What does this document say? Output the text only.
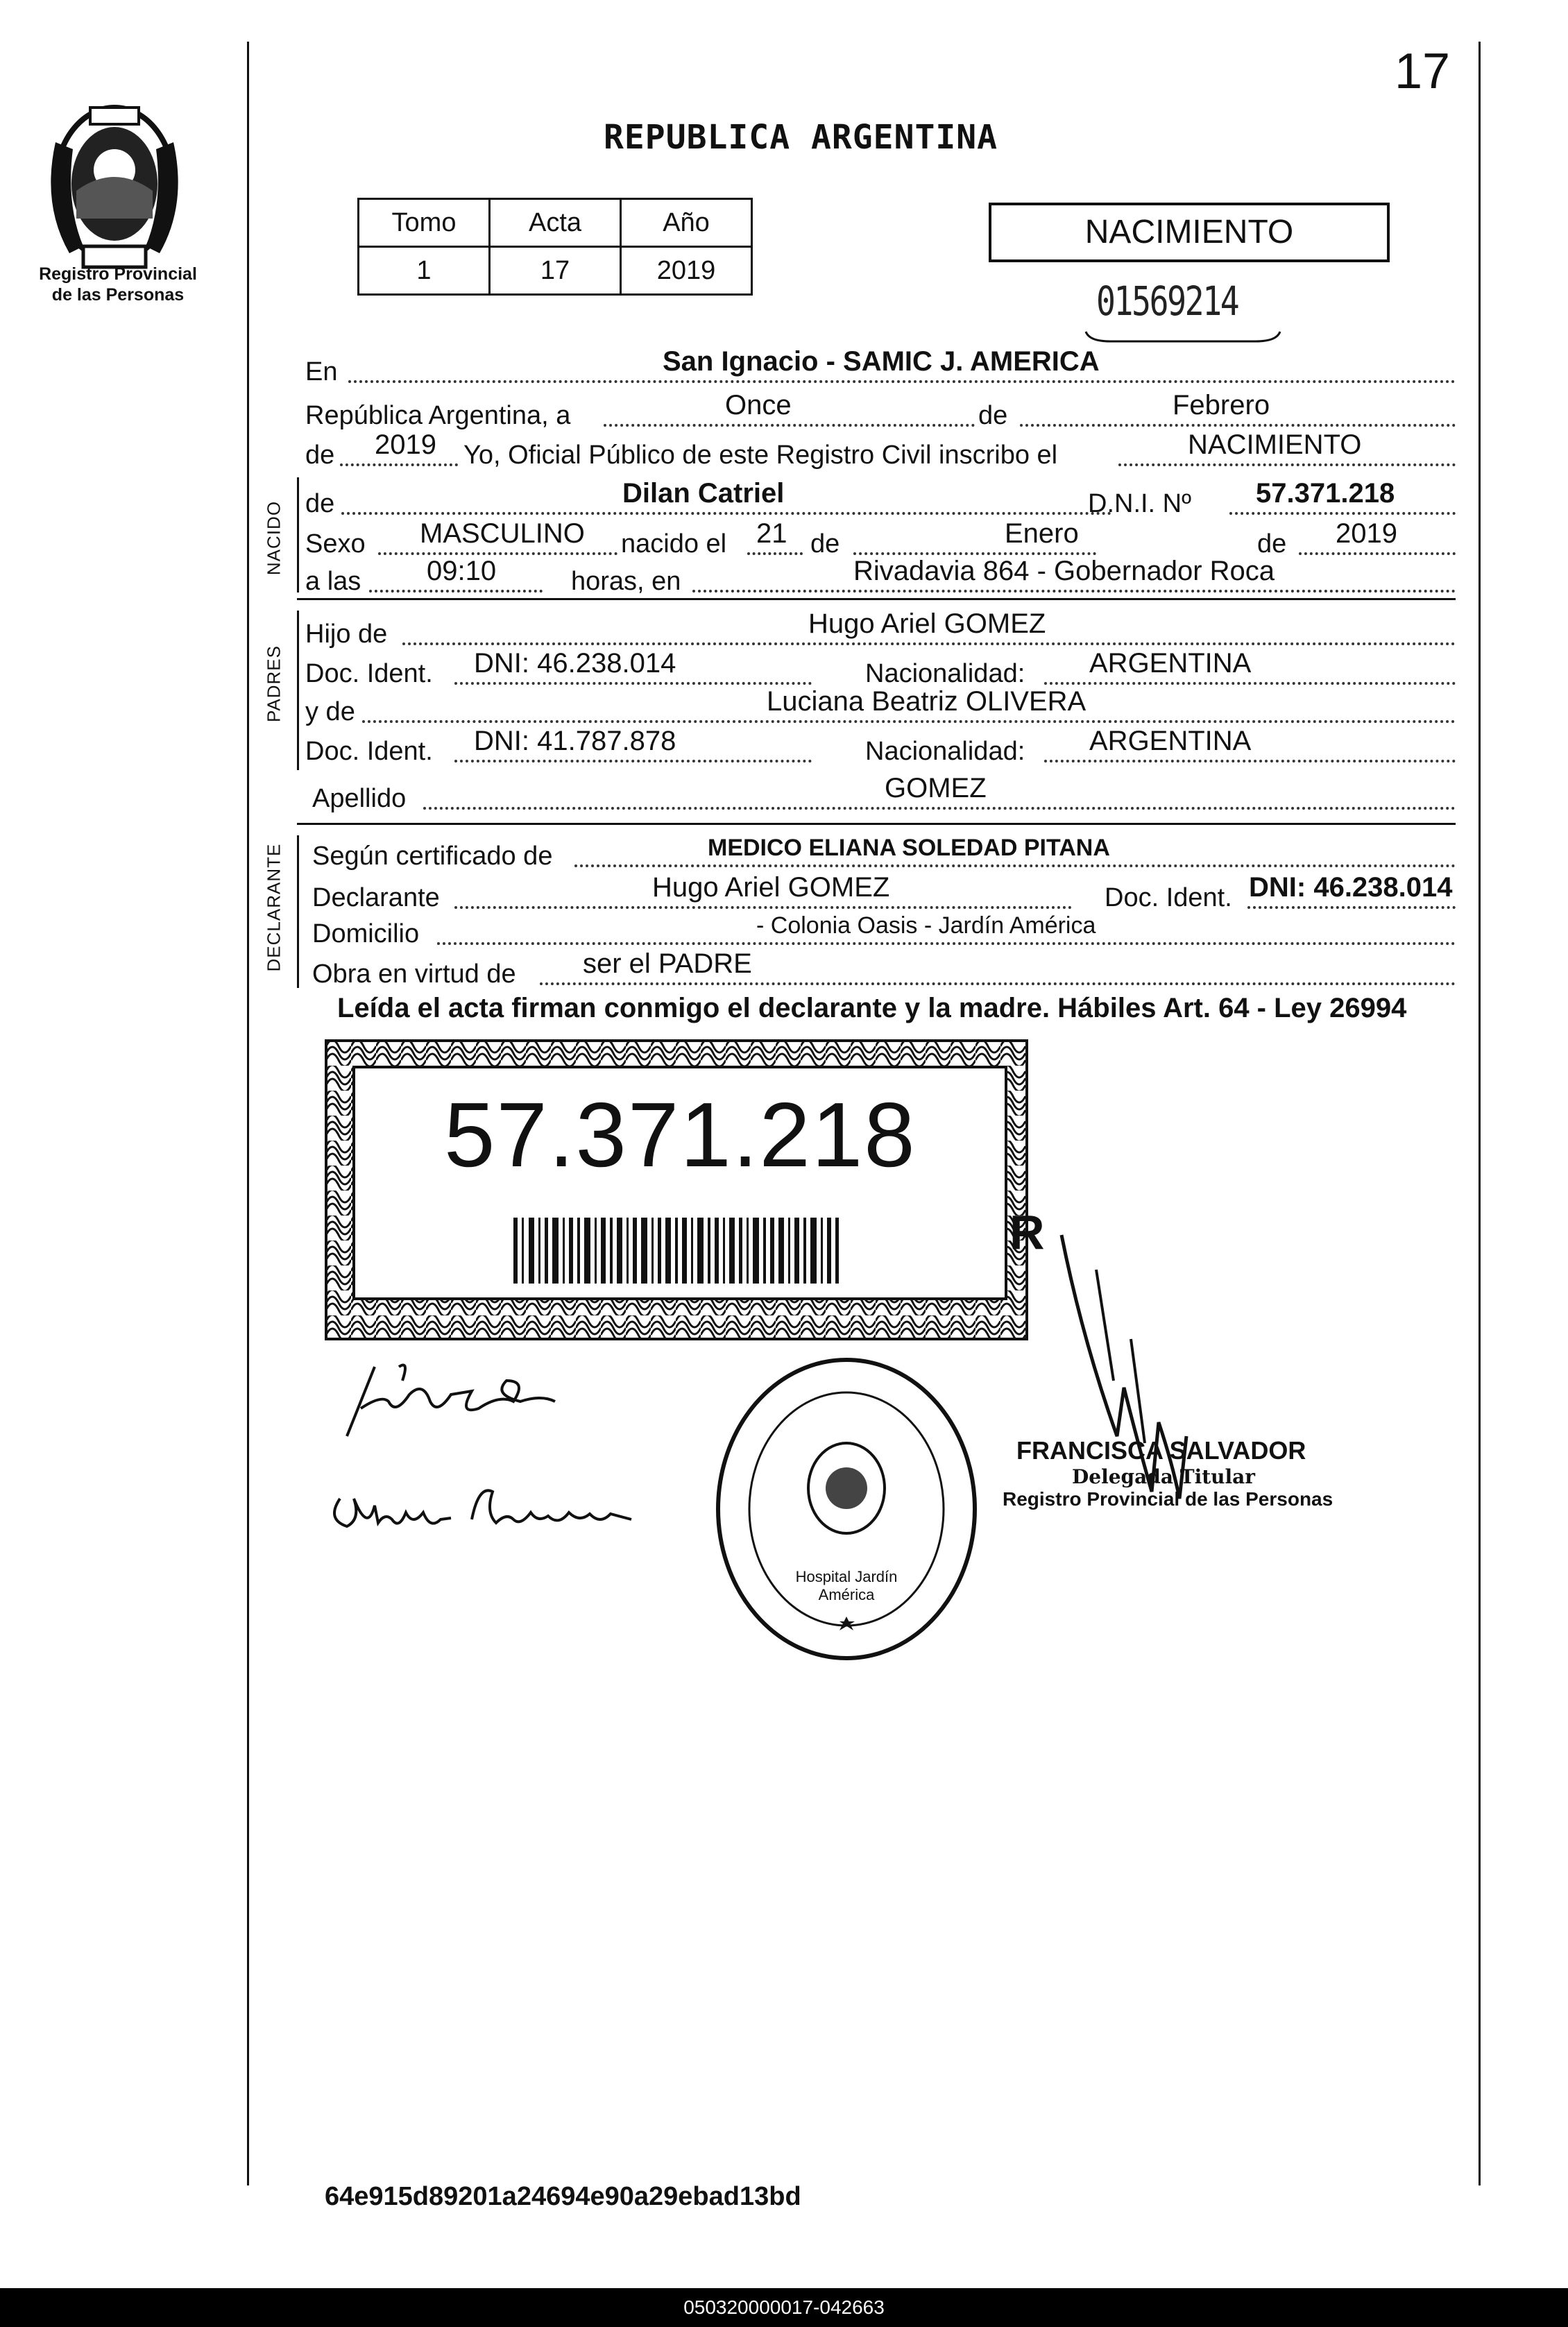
17
Registro Provincial
de las Personas
REPUBLICA ARGENTINA
Tomo	Acta	Año
1	17	2019
NACIMIENTO
01569214
En	San Ignacio - SAMIC J. AMERICA
República Argentina, a	Once	de	Febrero
de 2019 Yo, Oficial Público de este Registro Civil inscribo el	NACIMIENTO
NACIDO de	Dilan Catriel	D.N.I. Nº 57.371.218
Sexo MASCULINO nacido el 21 de	Enero	de 2019
a las 09:10	horas, en	Rivadavia 864 - Gobernador Roca
PADRES
Hijo de	Hugo Ariel GOMEZ
Doc. Ident. DNI: 46.238.014	Nacionalidad: ARGENTINA
y de	Luciana Beatriz OLIVERA
Doc. Ident. DNI: 41.787.878	Nacionalidad: ARGENTINA
Apellido	GOMEZ
DECLARANTE Según certificado de	MEDICO ELIANA SOLEDAD PITANA
Declarante	Hugo Ariel GOMEZ	Doc. Ident. DNI: 46.238.014
Domicilio	- Colonia Oasis - Jardín América
Obra en virtud de ser el PADRE
Leída el acta firman conmigo el declarante y la madre. Hábiles Art. 64 - Ley 26994
R
57.371.218
Hospital Jardín América
FRANCISCA SALVADOR
Delegada Titular
Registro Provincial de las Personas
64e915d89201a24694e90a29ebad13bd
050320000017-042663
